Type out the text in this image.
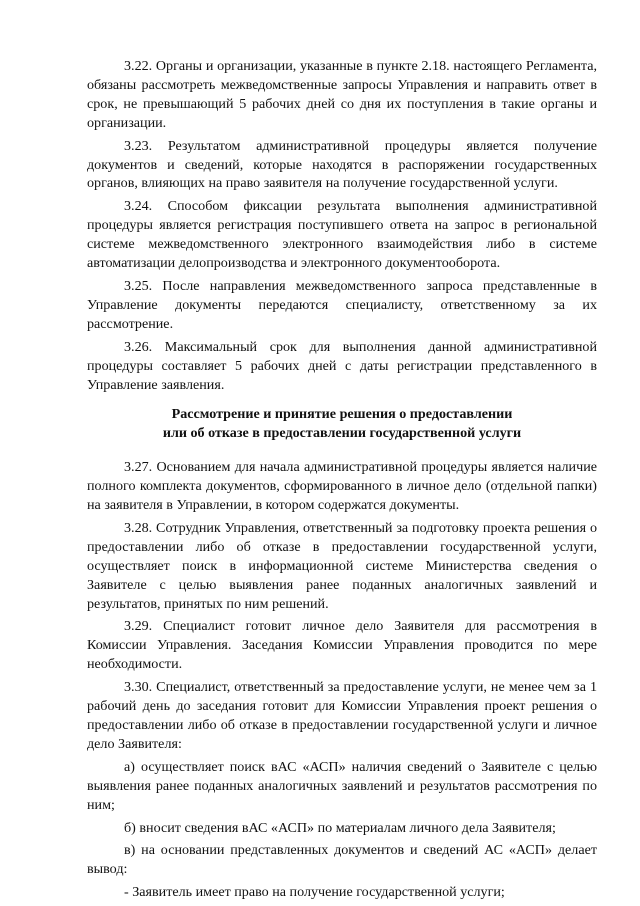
3.22. Органы и организации, указанные в пункте 2.18. настоящего Регламента, обязаны рассмотреть межведомственные запросы Управления и направить ответ в срок, не превышающий 5 рабочих дней со дня их поступления в такие органы и организации.

3.23. Результатом административной процедуры является получение документов и сведений, которые находятся в распоряжении государственных органов, влияющих на право заявителя на получение государственной услуги.

3.24. Способом фиксации результата выполнения административной процедуры является регистрация поступившего ответа на запрос в региональной системе межведомственного электронного взаимодействия либо в системе автоматизации делопроизводства и электронного документооборота.

3.25. После направления межведомственного запроса представленные в Управление документы передаются специалисту, ответственному за их рассмотрение.

3.26. Максимальный срок для выполнения данной административной процедуры составляет 5 рабочих дней с даты регистрации представленного в Управление заявления.

Рассмотрение и принятие решения о предоставлении
или об отказе в предоставлении государственной услуги

3.27. Основанием для начала административной процедуры является наличие полного комплекта документов, сформированного в личное дело (отдельной папки) на заявителя в Управлении, в котором содержатся документы.

3.28. Сотрудник Управления, ответственный за подготовку проекта решения о предоставлении либо об отказе в предоставлении государственной услуги, осуществляет поиск в информационной системе Министерства сведения о Заявителе с целью выявления ранее поданных аналогичных заявлений и результатов, принятых по ним решений.

3.29. Специалист готовит личное дело Заявителя для рассмотрения в Комиссии Управления. Заседания Комиссии Управления проводится по мере необходимости.

3.30. Специалист, ответственный за предоставление услуги, не менее чем за 1 рабочий день до заседания готовит для Комиссии Управления проект решения о предоставлении либо об отказе в предоставлении государственной услуги и личное дело Заявителя:

а) осуществляет поиск вАС «АСП» наличия сведений о Заявителе с целью выявления ранее поданных аналогичных заявлений и результатов рассмотрения по ним;

б) вносит сведения вАС «АСП» по материалам личного дела Заявителя;

в) на основании представленных документов и сведений АС «АСП» делает вывод:

- Заявитель имеет право на получение государственной услуги;
